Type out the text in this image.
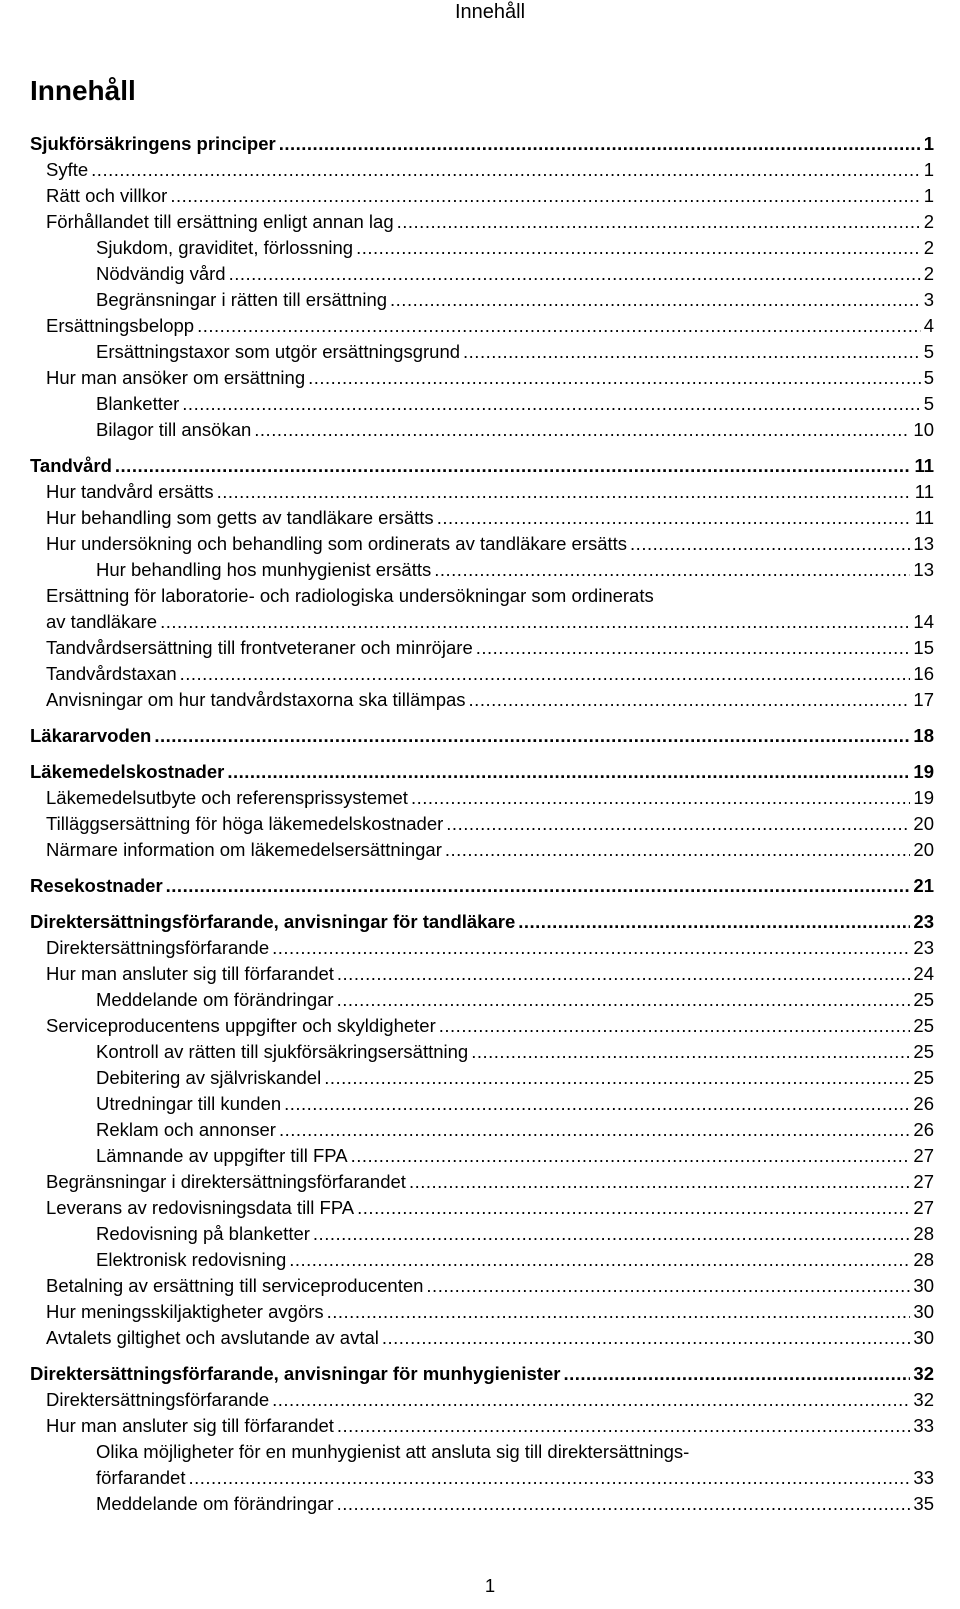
Innehåll
Innehåll
Sjukförsäkringens principer .....	1
Syfte .....	1
Rätt och villkor .....	1
Förhållandet till ersättning enligt annan lag .....	2
Sjukdom, graviditet, förlossning .....	2
Nödvändig vård .....	2
Begränsningar i rätten till ersättning .....	3
Ersättningsbelopp .....	4
Ersättningstaxor som utgör ersättningsgrund .....	5
Hur man ansöker om ersättning .....	5
Blanketter .....	5
Bilagor till ansökan .....	10
Tandvård .....	11
Hur tandvård ersätts .....	11
Hur behandling som getts av tandläkare ersätts .....	11
Hur undersökning och behandling som ordinerats av tandläkare ersätts .....	13
Hur behandling hos munhygienist ersätts .....	13
Ersättning för laboratorie- och radiologiska undersökningar som ordinerats
av tandläkare .....	14
Tandvårdsersättning till frontveteraner och minröjare .....	15
Tandvårdstaxan .....	16
Anvisningar om hur tandvårdstaxorna ska tillämpas .....	17
Läkararvoden .....	18
Läkemedelskostnader .....	19
Läkemedelsutbyte och referensprissystemet .....	19
Tilläggsersättning för höga läkemedelskostnader .....	20
Närmare information om läkemedelsersättningar .....	20
Resekostnader .....	21
Direktersättningsförfarande, anvisningar för tandläkare .....	23
Direktersättningsförfarande .....	23
Hur man ansluter sig till förfarandet .....	24
Meddelande om förändringar .....	25
Serviceproducentens uppgifter och skyldigheter .....	25
Kontroll av rätten till sjukförsäkringsersättning .....	25
Debitering av självriskandel .....	25
Utredningar till kunden .....	26
Reklam och annonser .....	26
Lämnande av uppgifter till FPA .....	27
Begränsningar i direktersättningsförfarandet .....	27
Leverans av redovisningsdata till FPA .....	27
Redovisning på blanketter .....	28
Elektronisk redovisning .....	28
Betalning av ersättning till serviceproducenten .....	30
Hur meningsskiljaktigheter avgörs .....	30
Avtalets giltighet och avslutande av avtal .....	30
Direktersättningsförfarande, anvisningar för munhygienister .....	32
Direktersättningsförfarande .....	32
Hur man ansluter sig till förfarandet .....	33
Olika möjligheter för en munhygienist att ansluta sig till direktersättnings-
förfarandet .....	33
Meddelande om förändringar .....	35
1
